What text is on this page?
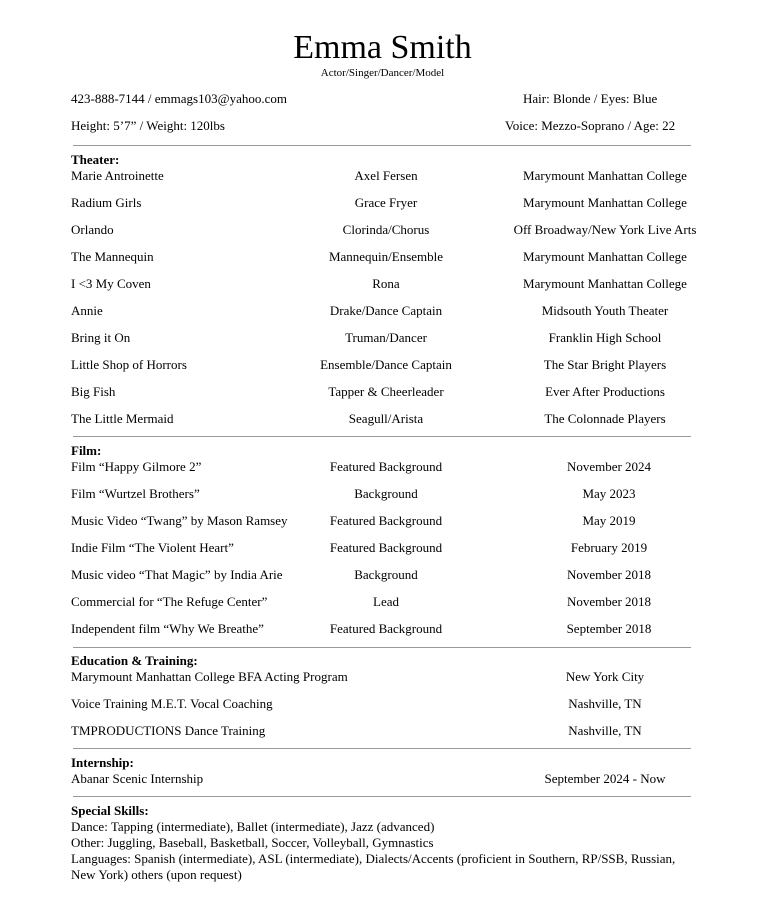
Emma Smith
Actor/Singer/Dancer/Model
423-888-7144 / emmags103@yahoo.com	Hair: Blonde / Eyes: Blue
Height: 5’7” / Weight: 120lbs	Voice: Mezzo-Soprano / Age: 22
Theater:
Marie Antroinette	Axel Fersen	Marymount Manhattan College
Radium Girls	Grace Fryer	Marymount Manhattan College
Orlando	Clorinda/Chorus	Off Broadway/New York Live Arts
The Mannequin	Mannequin/Ensemble	Marymount Manhattan College
I <3 My Coven	Rona	Marymount Manhattan College
Annie	Drake/Dance Captain	Midsouth Youth Theater
Bring it On	Truman/Dancer	Franklin High School
Little Shop of Horrors	Ensemble/Dance Captain	The Star Bright Players
Big Fish	Tapper & Cheerleader	Ever After Productions
The Little Mermaid	Seagull/Arista	The Colonnade Players
Film:
Film “Happy Gilmore 2”	Featured Background	November 2024
Film “Wurtzel Brothers”	Background	May 2023
Music Video “Twang” by Mason Ramsey	Featured Background	May 2019
Indie Film “The Violent Heart”	Featured Background	February 2019
Music video “That Magic” by India Arie	Background	November 2018
Commercial for “The Refuge Center”	Lead	November 2018
Independent film “Why We Breathe”	Featured Background	September 2018
Education & Training:
Marymount Manhattan College BFA Acting Program	New York City
Voice Training M.E.T. Vocal Coaching	Nashville, TN
TMPRODUCTIONS Dance Training	Nashville, TN
Internship:
Abanar Scenic Internship	September 2024 - Now
Special Skills:
Dance: Tapping (intermediate), Ballet (intermediate), Jazz (advanced)
Other: Juggling, Baseball, Basketball, Soccer, Volleyball, Gymnastics
Languages: Spanish (intermediate), ASL (intermediate), Dialects/Accents (proficient in Southern, RP/SSB, Russian, New York) others (upon request)
